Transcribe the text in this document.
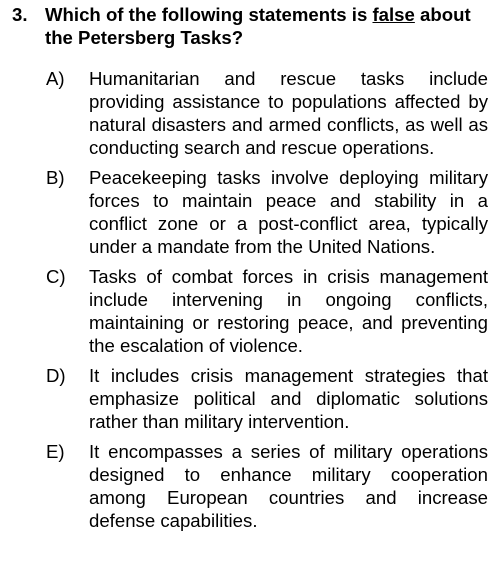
3. Which of the following statements is false about the Petersberg Tasks?
A) Humanitarian and rescue tasks include providing assistance to populations affected by natural disasters and armed conflicts, as well as conducting search and rescue operations.
B) Peacekeeping tasks involve deploying military forces to maintain peace and stability in a conflict zone or a post-conflict area, typically under a mandate from the United Nations.
C) Tasks of combat forces in crisis management include intervening in ongoing conflicts, maintaining or restoring peace, and preventing the escalation of violence.
D) It includes crisis management strategies that emphasize political and diplomatic solutions rather than military intervention.
E) It encompasses a series of military operations designed to enhance military cooperation among European countries and increase defense capabilities.
